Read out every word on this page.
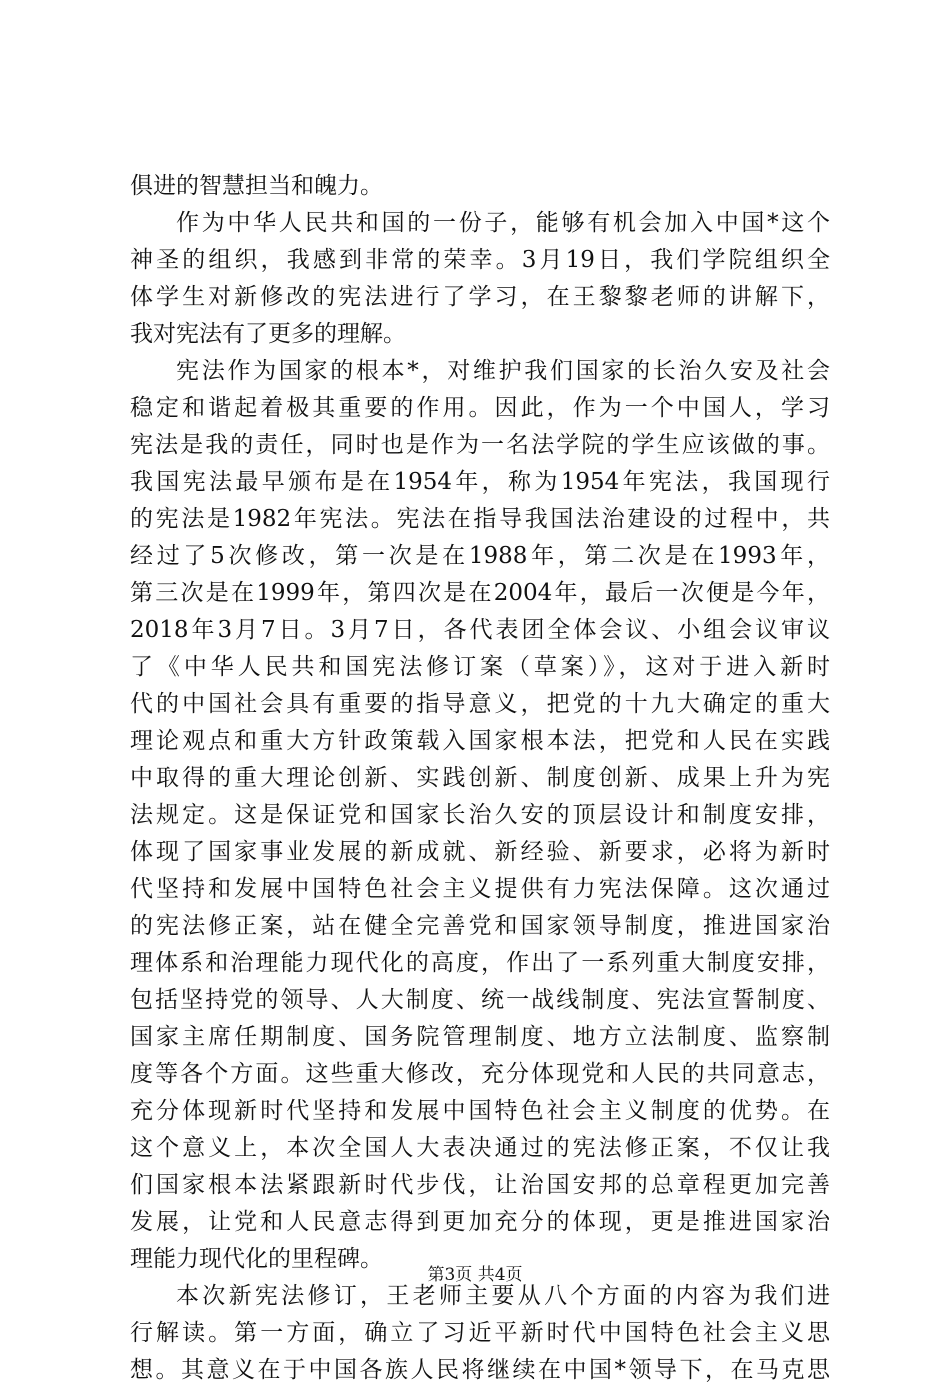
俱进的智慧担当和魄力。
作为中华人民共和国的一份子，能够有机会加入中国*这个
神圣的组织，我感到非常的荣幸。3月19日，我们学院组织全
体学生对新修改的宪法进行了学习，在王黎黎老师的讲解下，
我对宪法有了更多的理解。
宪法作为国家的根本*，对维护我们国家的长治久安及社会
稳定和谐起着极其重要的作用。因此，作为一个中国人，学习
宪法是我的责任，同时也是作为一名法学院的学生应该做的事。
我国宪法最早颁布是在1954年，称为1954年宪法，我国现行
的宪法是1982年宪法。宪法在指导我国法治建设的过程中，共
经过了5次修改，第一次是在1988年，第二次是在1993年，
第三次是在1999年，第四次是在2004年，最后一次便是今年，
2018年3月7日。3月7日，各代表团全体会议、小组会议审议
了《中华人民共和国宪法修订案（草案）》，这对于进入新时
代的中国社会具有重要的指导意义，把党的十九大确定的重大
理论观点和重大方针政策载入国家根本法，把党和人民在实践
中取得的重大理论创新、实践创新、制度创新、成果上升为宪
法规定。这是保证党和国家长治久安的顶层设计和制度安排，
体现了国家事业发展的新成就、新经验、新要求，必将为新时
代坚持和发展中国特色社会主义提供有力宪法保障。这次通过
的宪法修正案，站在健全完善党和国家领导制度，推进国家治
理体系和治理能力现代化的高度，作出了一系列重大制度安排，
包括坚持党的领导、人大制度、统一战线制度、宪法宣誓制度、
国家主席任期制度、国务院管理制度、地方立法制度、监察制
度等各个方面。这些重大修改，充分体现党和人民的共同意志，
充分体现新时代坚持和发展中国特色社会主义制度的优势。在
这个意义上，本次全国人大表决通过的宪法修正案，不仅让我
们国家根本法紧跟新时代步伐，让治国安邦的总章程更加完善
发展，让党和人民意志得到更加充分的体现，更是推进国家治
理能力现代化的里程碑。
本次新宪法修订，王老师主要从八个方面的内容为我们进
行解读。第一方面，确立了习近平新时代中国特色社会主义思
想。其意义在于中国各族人民将继续在中国*领导下，在马克思
第3页 共4页
